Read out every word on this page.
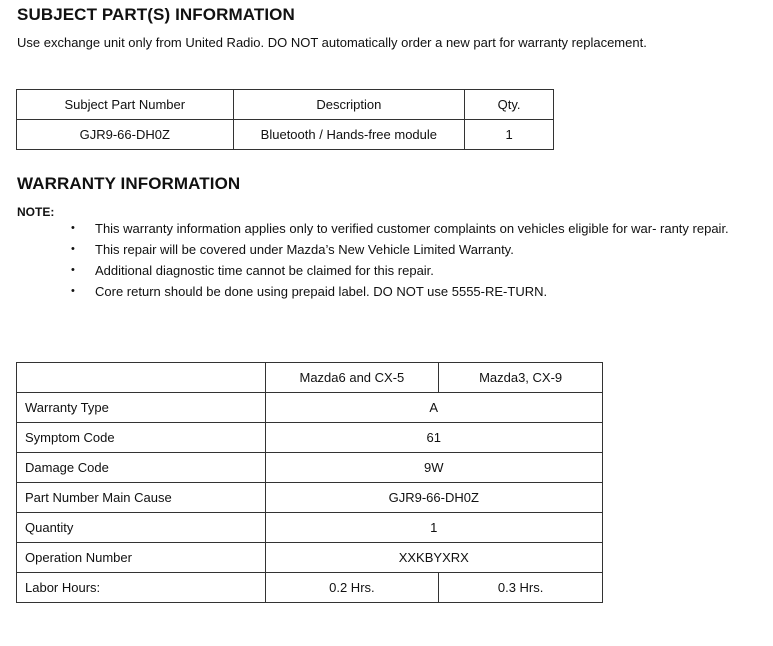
SUBJECT PART(S) INFORMATION
Use exchange unit only from United Radio. DO NOT automatically order a new part for warranty replacement.
Subject Part Number	Description	Qty.
GJR9-66-DH0Z	Bluetooth / Hands-free module	1
WARRANTY INFORMATION
NOTE:
• This warranty information applies only to verified customer complaints on vehicles eligible for war- ranty repair.
• This repair will be covered under Mazda’s New Vehicle Limited Warranty.
• Additional diagnostic time cannot be claimed for this repair.
• Core return should be done using prepaid label. DO NOT use 5555-RE-TURN.
	Mazda6 and CX-5	Mazda3, CX-9
Warranty Type	A	
Symptom Code	61	
Damage Code	9W	
Part Number Main Cause	GJR9-66-DH0Z	
Quantity	1	
Operation Number	XXKBYXRX	
Labor Hours:	0.2 Hrs.	0.3 Hrs.
